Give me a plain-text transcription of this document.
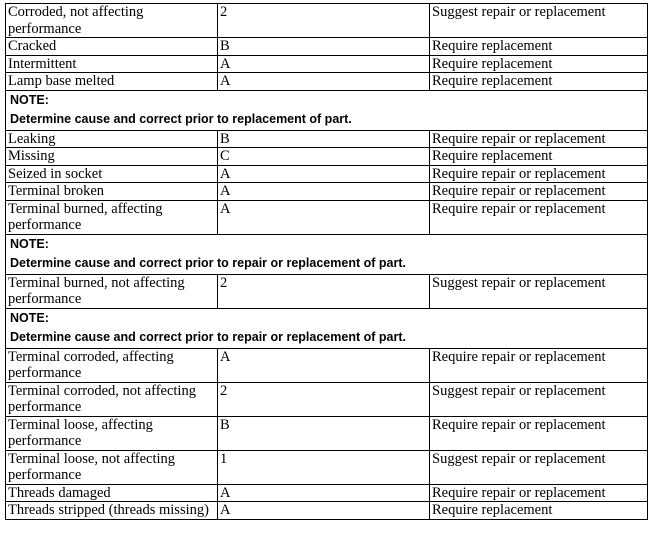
Corroded, not affecting performance	2	Suggest repair or replacement
Cracked	B	Require replacement
Intermittent	A	Require replacement
Lamp base melted	A	Require replacement

NOTE:
Determine cause and correct prior to replacement of part.		

Leaking	B	Require repair or replacement
Missing	C	Require replacement
Seized in socket	A	Require repair or replacement
Terminal broken	A	Require repair or replacement
Terminal burned, affecting performance	A	Require repair or replacement

NOTE:
Determine cause and correct prior to repair or replacement of part.		

Terminal burned, not affecting performance	2	Suggest repair or replacement

NOTE:
Determine cause and correct prior to repair or replacement of part.		

Terminal corroded, affecting performance	A	Require repair or replacement
Terminal corroded, not affecting performance	2	Suggest repair or replacement
Terminal loose, affecting performance	B	Require repair or replacement
Terminal loose, not affecting performance	1	Suggest repair or replacement
Threads damaged	A	Require repair or replacement
Threads stripped (threads missing)	A	Require replacement
